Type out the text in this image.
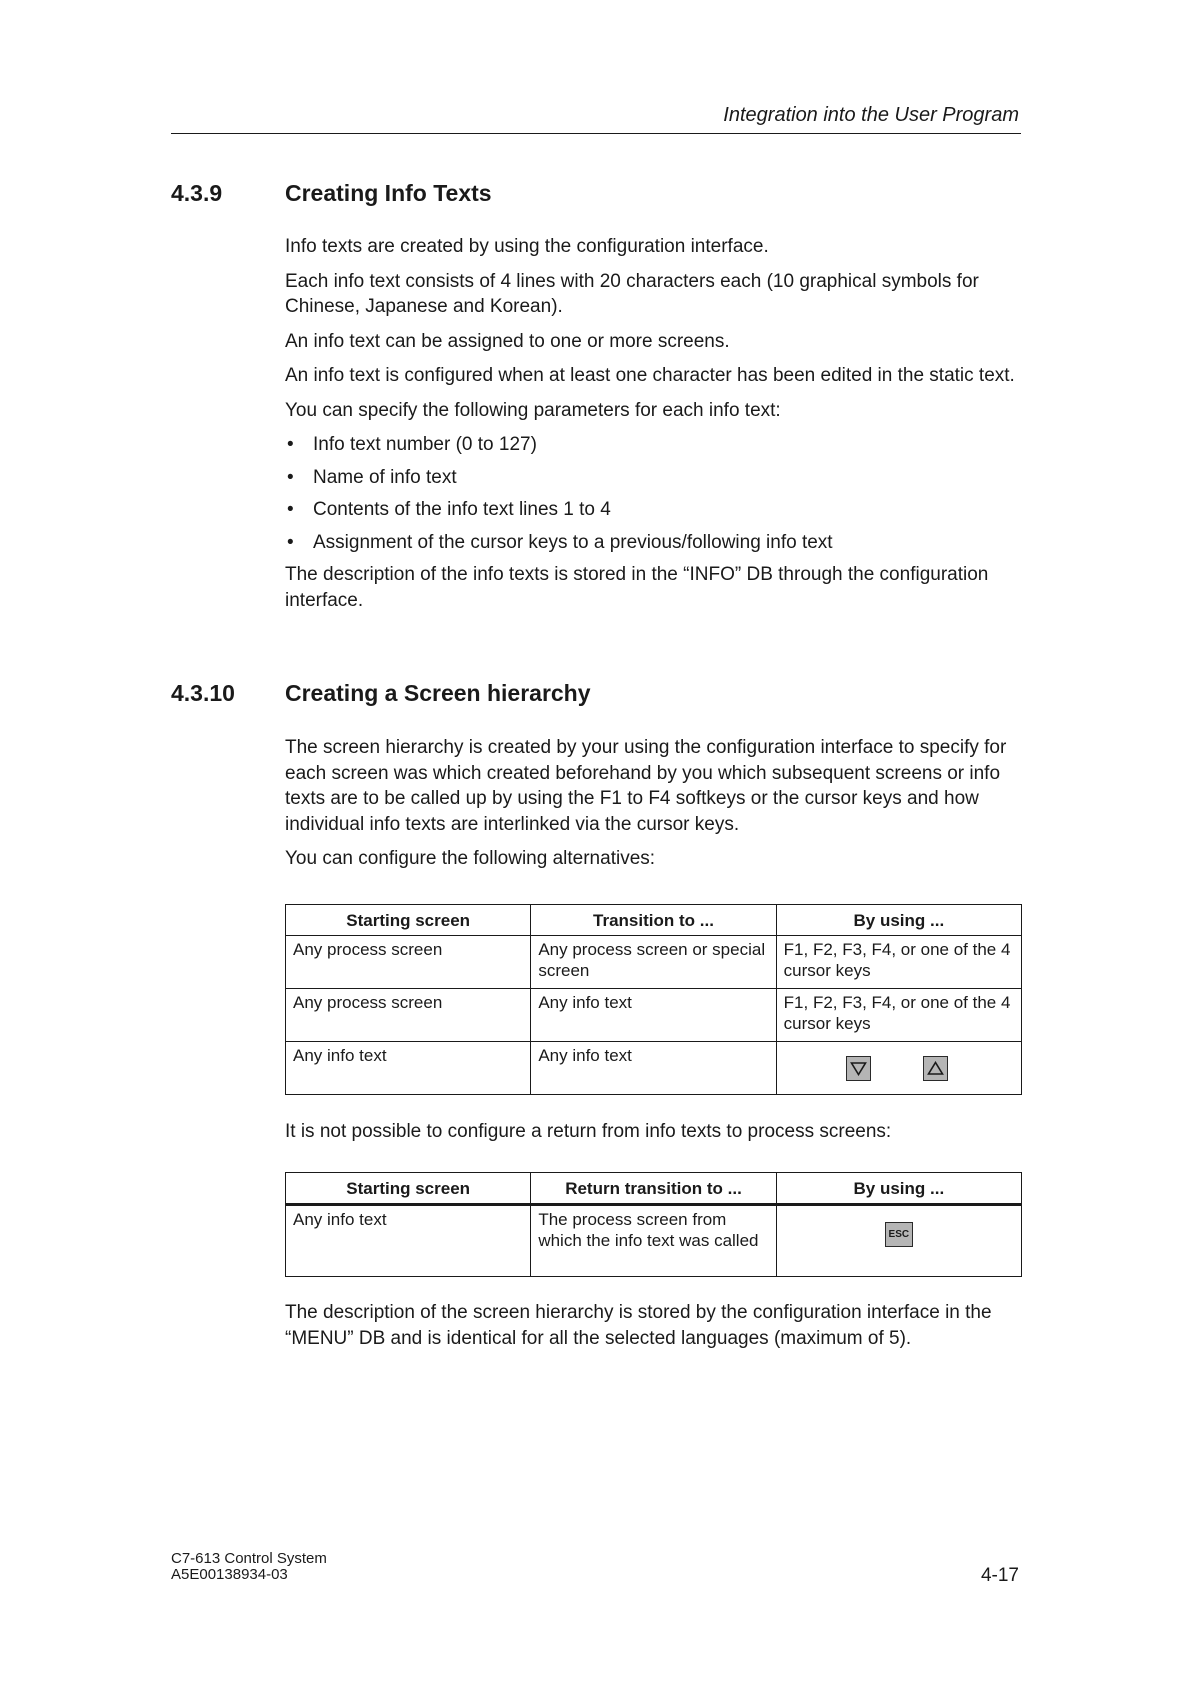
Integration into the User Program
4.3.9	Creating Info Texts

Info texts are created by using the configuration interface.

Each info text consists of 4 lines with 20 characters each (10 graphical symbols for Chinese, Japanese and Korean).

An info text can be assigned to one or more screens.

An info text is configured when at least one character has been edited in the static text.

You can specify the following parameters for each info text:

• Info text number (0 to 127)
• Name of info text
• Contents of the info text lines 1 to 4
• Assignment of the cursor keys to a previous/following info text

The description of the info texts is stored in the “INFO” DB through the configuration interface.

4.3.10 Creating a Screen hierarchy

The screen hierarchy is created by your using the configuration interface to specify for each screen was which created beforehand by you which subsequent screens or info texts are to be called up by using the F1 to F4 softkeys or the cursor keys and how individual info texts are interlinked via the cursor keys.

You can configure the following alternatives:

Starting screen	Transition to ...	By using ...
Any process screen	Any process screen or special screen	F1, F2, F3, F4, or one of the 4 cursor keys
Any process screen	Any info text	F1, F2, F3, F4, or one of the 4 cursor keys
Any info text	Any info text	

It is not possible to configure a return from info texts to process screens:

Starting screen	Return transition to ...	By using ...
Any info text	The process screen from which the info text was called	ESC

The description of the screen hierarchy is stored by the configuration interface in the “MENU” DB and is identical for all the selected languages (maximum of 5).

C7-613 Control System
A5E00138934-03	4-17
